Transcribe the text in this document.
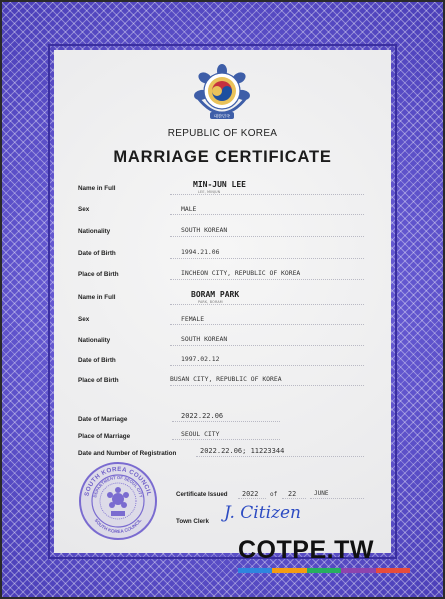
대한민국
REPUBLIC OF KOREA
MARRIAGE CERTIFICATE
Name in Full	MIN-JUN LEE
LEE, MINJUN
Sex	MALE
Nationality	SOUTH KOREAN
Date of Birth	1994.21.06
Place of Birth	INCHEON CITY, REPUBLIC OF KOREA
Name in Full	BORAM PARK
PARK, BORAM
Sex	FEMALE
Nationality	SOUTH KOREAN
Date of Birth	1997.02.12
Place of Birth	BUSAN CITY, REPUBLIC OF KOREA
Date of Marriage	2022.22.06
Place of Marriage	SEOUL CITY
Date and Number of Registration	2022.22.06; 11223344
SOUTH KOREA COUNCIL
DEPARTMENT OF SEOUL CITY
SOUTH KOREA COUNCIL
Certificate Issued 2022 of 22	JUNE
Town Clerk J. Citizen
COTPE.TW
